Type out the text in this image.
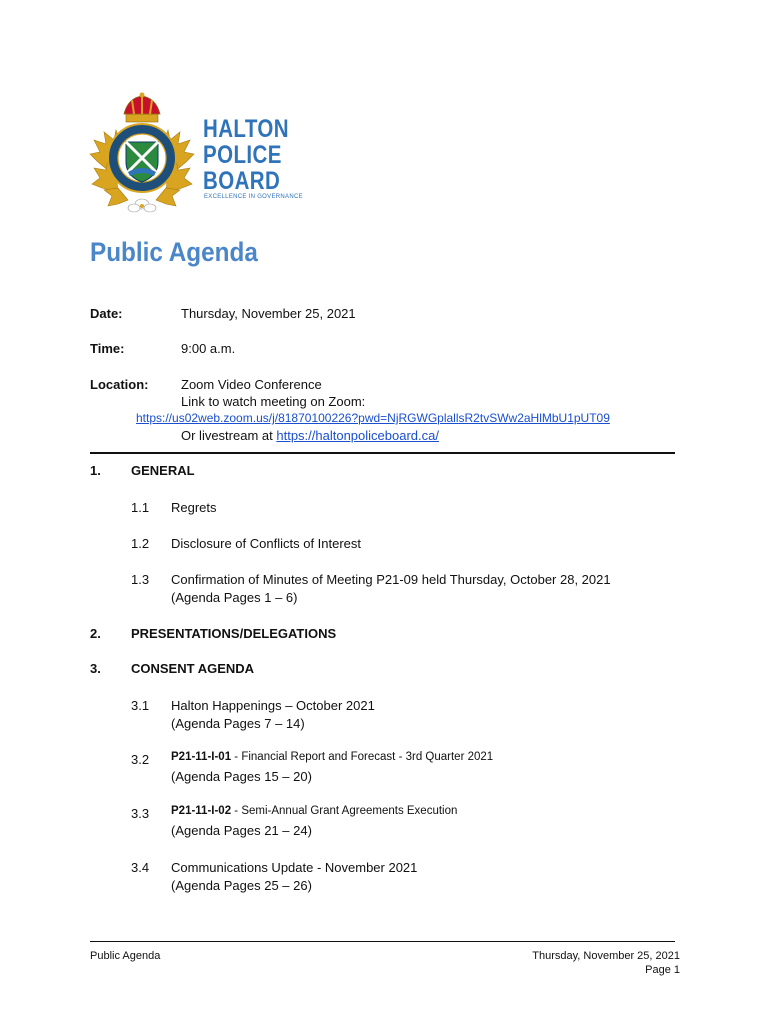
HALTON
POLICE
BOARD
EXCELLENCE IN GOVERNANCE
Public Agenda
Date:	Thursday, November 25, 2021
Time:	9:00 a.m.
Location:	Zoom Video Conference
Link to watch meeting on Zoom:
https://us02web.zoom.us/j/81870100226?pwd=NjRGWGplallsR2tvSWw2aHlMbU1pUT09
Or livestream at https://haltonpoliceboard.ca/
1. GENERAL
1.1 Regrets
1.2 Disclosure of Conflicts of Interest
1.3 Confirmation of Minutes of Meeting P21-09 held Thursday, October 28, 2021
(Agenda Pages 1 – 6)
2. PRESENTATIONS/DELEGATIONS
3. CONSENT AGENDA
3.1 Halton Happenings – October 2021
(Agenda Pages 7 – 14)
3.2 P21-11-I-01 - Financial Report and Forecast - 3rd Quarter 2021
(Agenda Pages 15 – 20)
3.3 P21-11-I-02 - Semi-Annual Grant Agreements Execution
(Agenda Pages 21 – 24)
3.4 Communications Update - November 2021
(Agenda Pages 25 – 26)
Public Agenda	Thursday, November 25, 2021
Page 1
